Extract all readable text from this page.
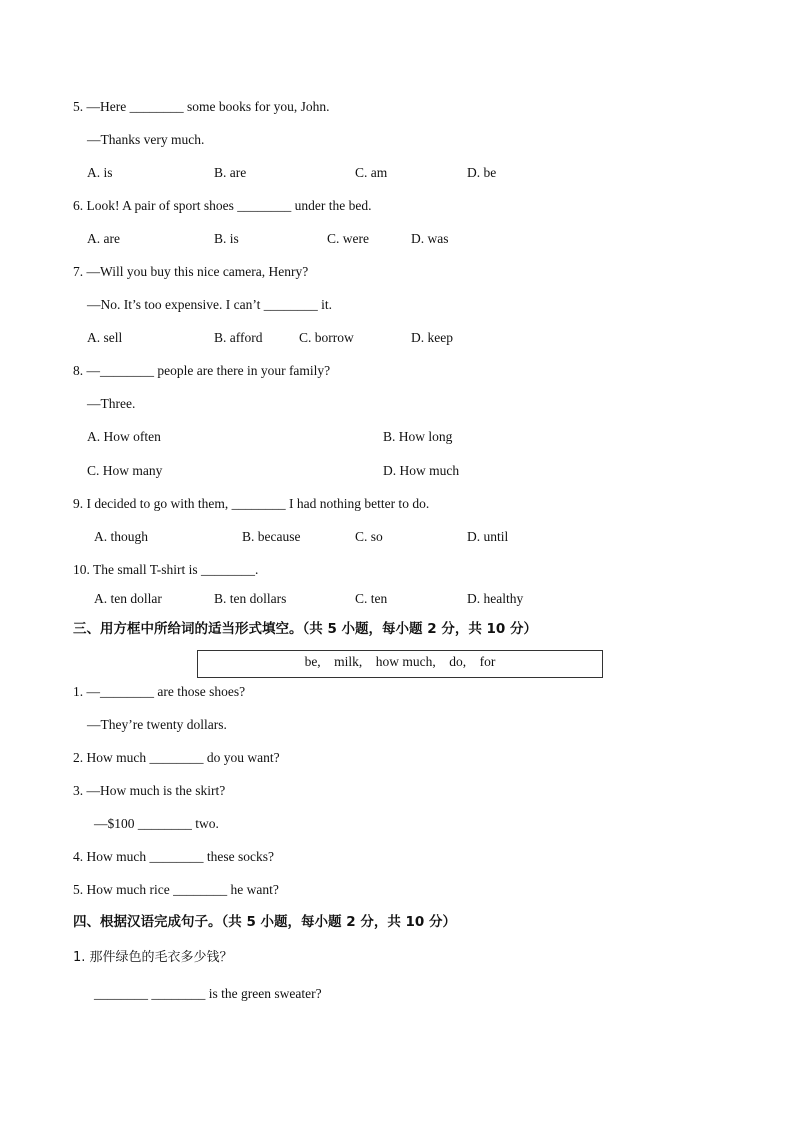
5. —Here ________ some books for you, John.
—Thanks very much.
A. is	B. are	C. am	D. be
6. Look! A pair of sport shoes ________ under the bed.
A. are	B. is	C. were	D. was
7. —Will you buy this nice camera, Henry?
—No. It’s too expensive. I can’t ________ it.
A. sell	B. afford	C. borrow	D. keep
8. —________ people are there in your family?
—Three.
A. How often	B. How long
C. How many	D. How much
9. I decided to go with them, ________ I had nothing better to do.
A. though	B. because	C. so	D. until
10. The small T-shirt is ________.
A. ten dollar	B. ten dollars	C. ten	D. healthy
三、用方框中所给词的适当形式填空。（共 5 小题，每小题 2 分，共 10 分）
be,    milk,    how much,    do,    for
1. —________ are those shoes?
—They’re twenty dollars.
2. How much ________ do you want?
3. —How much is the skirt?
—$100 ________ two.
4. How much ________ these socks?
5. How much rice ________ he want?
四、根据汉语完成句子。（共 5 小题，每小题 2 分，共 10 分）
1. 那件绿色的毛衣多少钱？
________ ________ is the green sweater?
